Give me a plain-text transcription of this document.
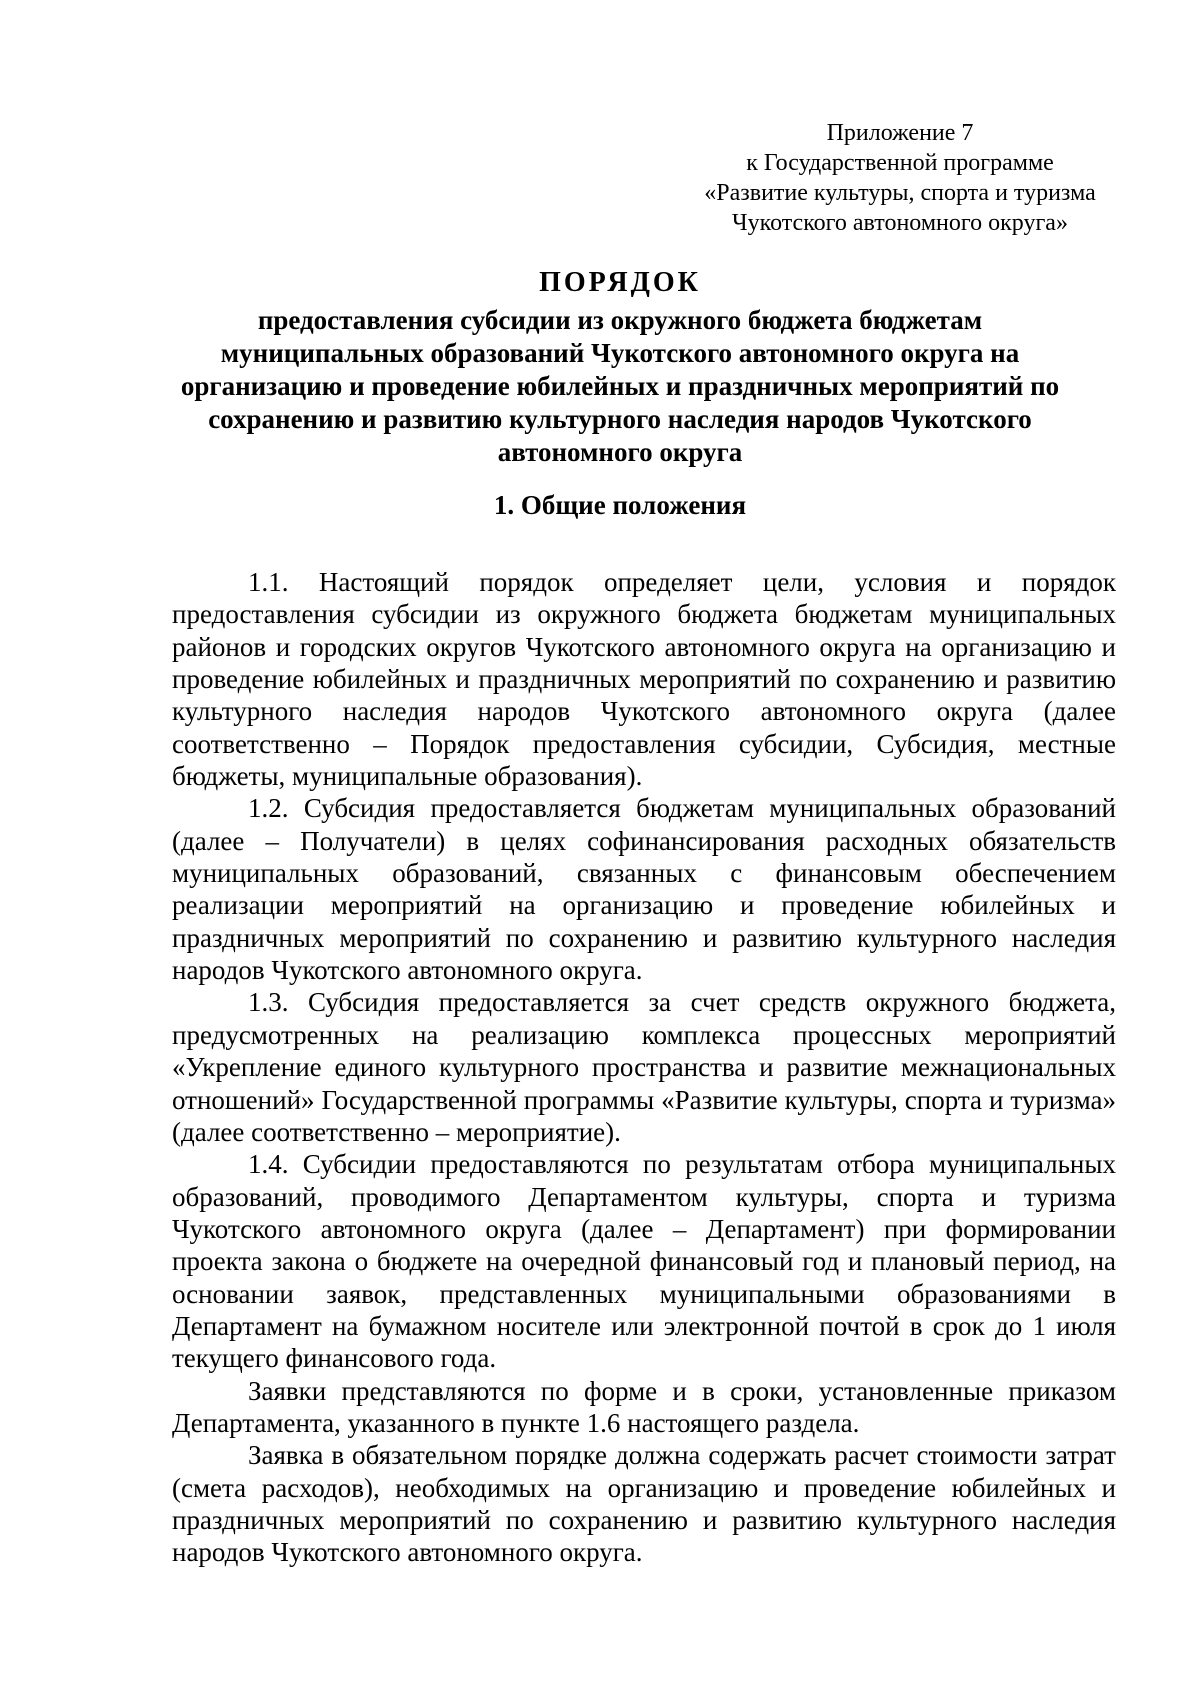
Приложение 7
к Государственной программе
«Развитие культуры, спорта и туризма
Чукотского автономного округа»
ПОРЯДОК
предоставления субсидии из окружного бюджета бюджетам
муниципальных образований Чукотского автономного округа на
организацию и проведение юбилейных и праздничных мероприятий по
сохранению и развитию культурного наследия народов Чукотского
автономного округа
1. Общие положения

1.1. Настоящий порядок определяет цели, условия и порядок предоставления субсидии из окружного бюджета бюджетам муниципальных районов и городских округов Чукотского автономного округа на организацию и проведение юбилейных и праздничных мероприятий по сохранению и развитию культурного наследия народов Чукотского автономного округа (далее соответственно – Порядок предоставления субсидии, Субсидия, местные бюджеты, муниципальные образования).

1.2. Субсидия предоставляется бюджетам муниципальных образований (далее – Получатели) в целях софинансирования расходных обязательств муниципальных образований, связанных с финансовым обеспечением реализации мероприятий на организацию и проведение юбилейных и праздничных мероприятий по сохранению и развитию культурного наследия народов Чукотского автономного округа.

1.3. Субсидия предоставляется за счет средств окружного бюджета, предусмотренных на реализацию комплекса процессных мероприятий «Укрепление единого культурного пространства и развитие межнациональных отношений» Государственной программы «Развитие культуры, спорта и туризма» (далее соответственно – мероприятие).

1.4. Субсидии предоставляются по результатам отбора муниципальных образований, проводимого Департаментом культуры, спорта и туризма Чукотского автономного округа (далее – Департамент) при формировании проекта закона о бюджете на очередной финансовый год и плановый период, на основании заявок, представленных муниципальными образованиями в Департамент на бумажном носителе или электронной почтой в срок до 1 июля текущего финансового года.

Заявки представляются по форме и в сроки, установленные приказом Департамента, указанного в пункте 1.6 настоящего раздела.

Заявка в обязательном порядке должна содержать расчет стоимости затрат (смета расходов), необходимых на организацию и проведение юбилейных и праздничных мероприятий по сохранению и развитию культурного наследия народов Чукотского автономного округа.
